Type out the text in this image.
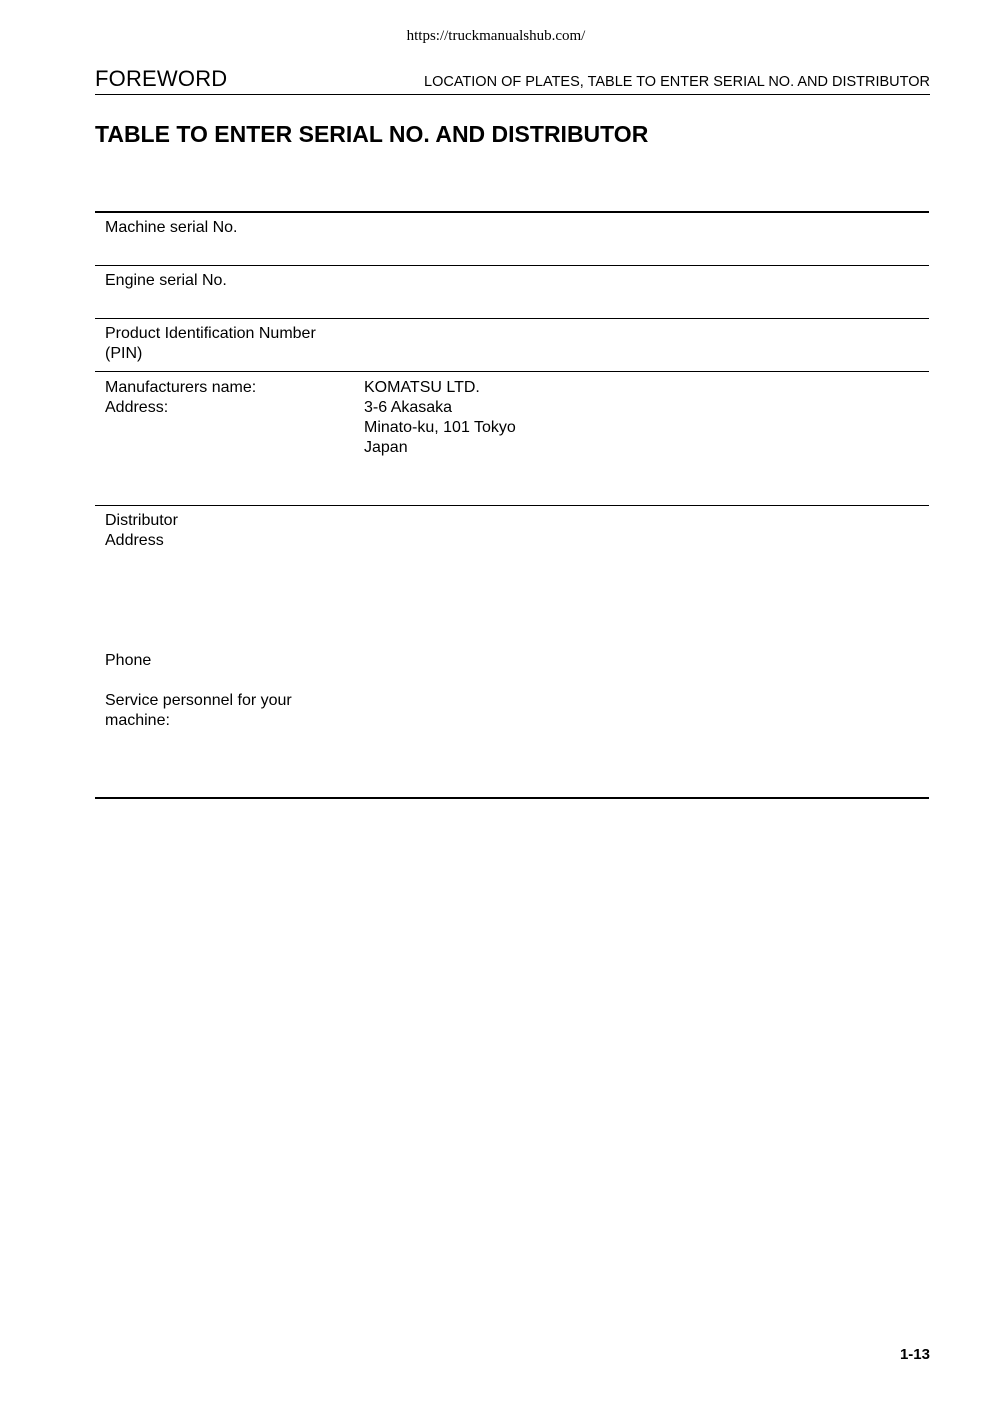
https://truckmanualshub.com/
FOREWORD	LOCATION OF PLATES, TABLE TO ENTER SERIAL NO. AND DISTRIBUTOR
TABLE TO ENTER SERIAL NO. AND DISTRIBUTOR
Machine serial No.
Engine serial No.
Product Identification Number
(PIN)
Manufacturers name:
Address:
KOMATSU LTD.
3-6 Akasaka
Minato-ku, 101 Tokyo
Japan
Distributor
Address
Phone
Service personnel for your
machine:
1-13
